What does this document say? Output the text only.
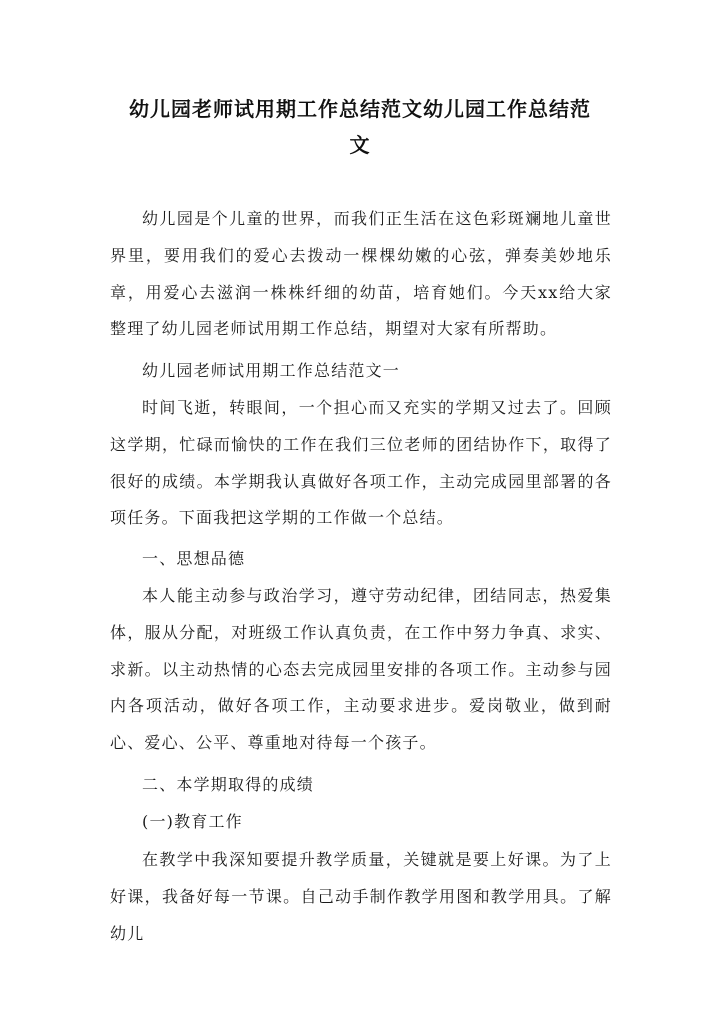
幼儿园老师试用期工作总结范文幼儿园工作总结范
文

幼儿园是个儿童的世界，而我们正生活在这色彩斑斓地儿童世界里，要用我们的爱心去拨动一棵棵幼嫩的心弦，弹奏美妙地乐章，用爱心去滋润一株株纤细的幼苗，培育她们。今天xx给大家整理了幼儿园老师试用期工作总结，期望对大家有所帮助。

幼儿园老师试用期工作总结范文一

时间飞逝，转眼间，一个担心而又充实的学期又过去了。回顾这学期，忙碌而愉快的工作在我们三位老师的团结协作下，取得了很好的成绩。本学期我认真做好各项工作，主动完成园里部署的各项任务。下面我把这学期的工作做一个总结。

一、思想品德

本人能主动参与政治学习，遵守劳动纪律，团结同志，热爱集体，服从分配，对班级工作认真负责，在工作中努力争真、求实、求新。以主动热情的心态去完成园里安排的各项工作。主动参与园内各项活动，做好各项工作，主动要求进步。爱岗敬业，做到耐心、爱心、公平、尊重地对待每一个孩子。

二、本学期取得的成绩

(一)教育工作

在教学中我深知要提升教学质量，关键就是要上好课。为了上好课，我备好每一节课。自己动手制作教学用图和教学用具。了解幼儿
